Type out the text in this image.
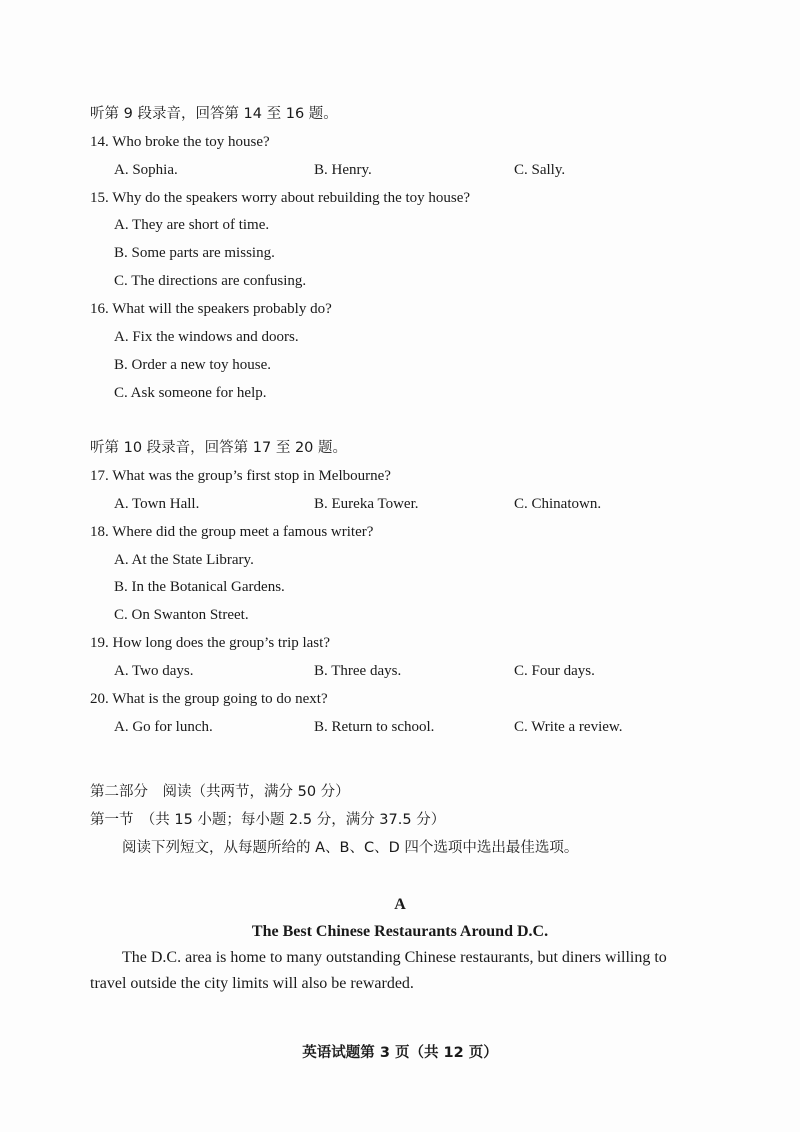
听第 9 段录音，回答第 14 至 16 题。
14. Who broke the toy house?
A. Sophia.	B. Henry.	C. Sally.
15. Why do the speakers worry about rebuilding the toy house?
A. They are short of time.
B. Some parts are missing.
C. The directions are confusing.
16. What will the speakers probably do?
A. Fix the windows and doors.
B. Order a new toy house.
C. Ask someone for help.
听第 10 段录音，回答第 17 至 20 题。
17. What was the group’s first stop in Melbourne?
A. Town Hall.	B. Eureka Tower.	C. Chinatown.
18. Where did the group meet a famous writer?
A. At the State Library.
B. In the Botanical Gardens.
C. On Swanton Street.
19. How long does the group’s trip last?
A. Two days.	B. Three days.	C. Four days.
20. What is the group going to do next?
A. Go for lunch.	B. Return to school.	C. Write a review.
第二部分　阅读（共两节，满分 50 分）
第一节　（共 15 小题；每小题 2.5 分，满分 37.5 分）
阅读下列短文，从每题所给的 A、B、C、D 四个选项中选出最佳选项。
A
The Best Chinese Restaurants Around D.C.
The D.C. area is home to many outstanding Chinese restaurants, but diners willing to
travel outside the city limits will also be rewarded.
英语试题第 3 页（共 12 页）
